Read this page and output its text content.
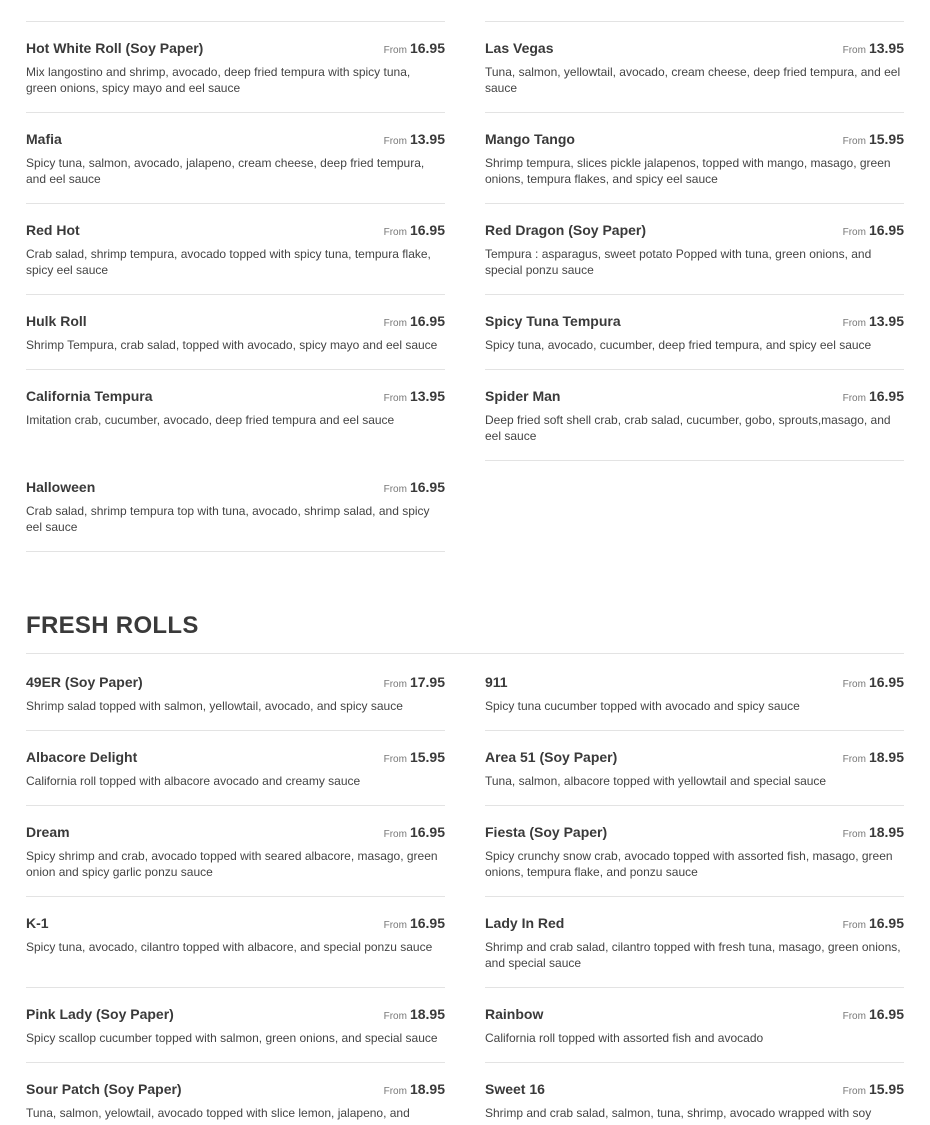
Hot White Roll (Soy Paper)	From 16.95
Mix langostino and shrimp, avocado, deep fried tempura with spicy tuna, green onions, spicy mayo and eel sauce
Mafia	From 13.95
Spicy tuna, salmon, avocado, jalapeno, cream cheese, deep fried tempura, and eel sauce
Red Hot	From 16.95
Crab salad, shrimp tempura, avocado topped with spicy tuna, tempura flake, spicy eel sauce
Hulk Roll	From 16.95
Shrimp Tempura, crab salad, topped with avocado, spicy mayo and eel sauce
California Tempura	From 13.95
Imitation crab, cucumber, avocado, deep fried tempura and eel sauce
Halloween	From 16.95
Crab salad, shrimp tempura top with tuna, avocado, shrimp salad, and spicy eel sauce
Las Vegas	From 13.95
Tuna, salmon, yellowtail, avocado, cream cheese, deep fried tempura, and eel sauce
Mango Tango	From 15.95
Shrimp tempura, slices pickle jalapenos, topped with mango, masago, green onions, tempura flakes, and spicy eel sauce
Red Dragon (Soy Paper)	From 16.95
Tempura : asparagus, sweet potato Popped with tuna, green onions, and special ponzu sauce
Spicy Tuna Tempura	From 13.95
Spicy tuna, avocado, cucumber, deep fried tempura, and spicy eel sauce
Spider Man	From 16.95
Deep fried soft shell crab, crab salad, cucumber, gobo, sprouts,masago, and eel sauce
FRESH ROLLS
49ER (Soy Paper)	From 17.95
Shrimp salad topped with salmon, yellowtail, avocado, and spicy sauce
Albacore Delight	From 15.95
California roll topped with albacore avocado and creamy sauce
Dream	From 16.95
Spicy shrimp and crab, avocado topped with seared albacore, masago, green onion and spicy garlic ponzu sauce
K-1	From 16.95
Spicy tuna, avocado, cilantro topped with albacore, and special ponzu sauce
Pink Lady (Soy Paper)	From 18.95
Spicy scallop cucumber topped with salmon, green onions, and special sauce
Sour Patch (Soy Paper)	From 18.95
Tuna, salmon, yelowtail, avocado topped with slice lemon, jalapeno, and
911	From 16.95
Spicy tuna cucumber topped with avocado and spicy sauce
Area 51 (Soy Paper)	From 18.95
Tuna, salmon, albacore topped with yellowtail and special sauce
Fiesta (Soy Paper)	From 18.95
Spicy crunchy snow crab, avocado topped with assorted fish, masago, green onions, tempura flake, and ponzu sauce
Lady In Red	From 16.95
Shrimp and crab salad, cilantro topped with fresh tuna, masago, green onions, and special sauce
Rainbow	From 16.95
California roll topped with assorted fish and avocado
Sweet 16	From 15.95
Shrimp and crab salad, salmon, tuna, shrimp, avocado wrapped with soy
